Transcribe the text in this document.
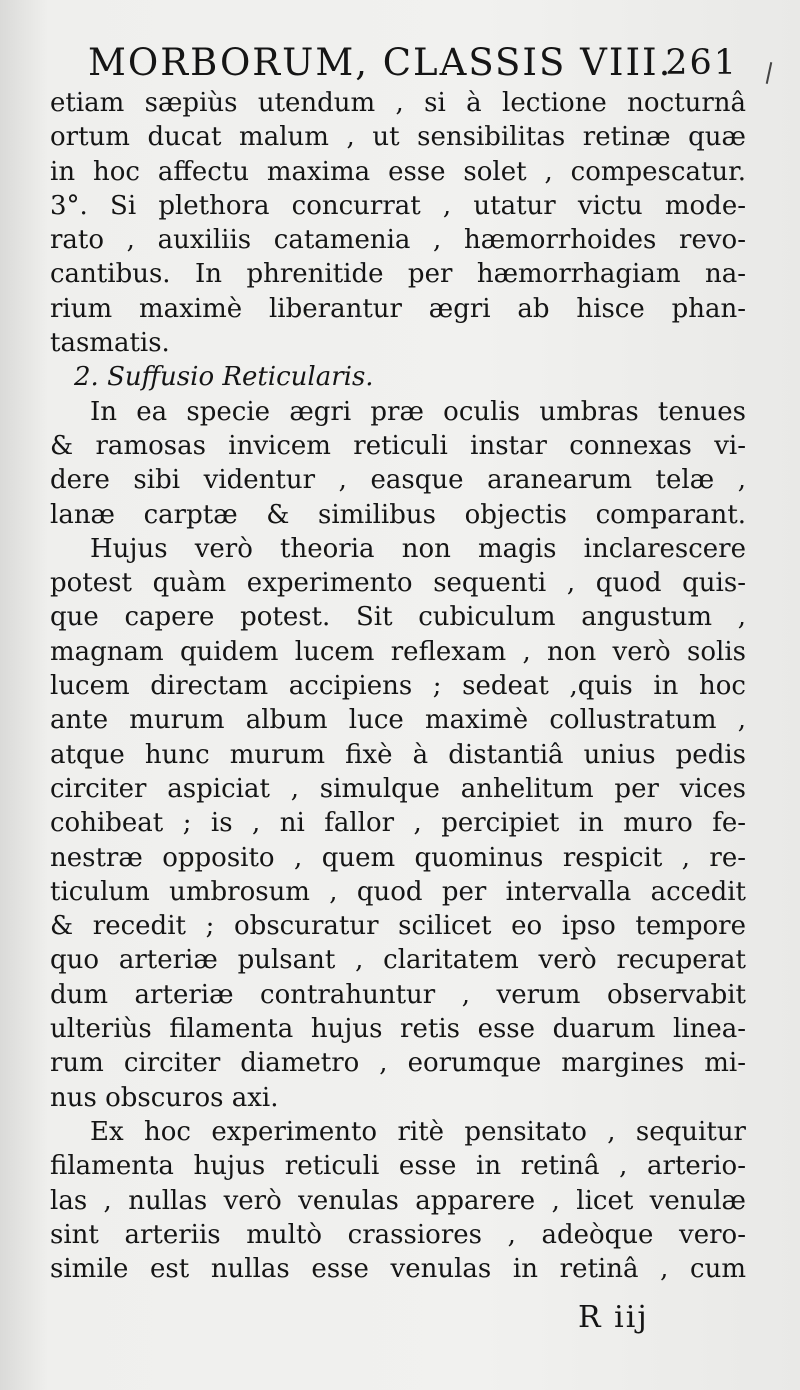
MORBORUM, CLASSIS VIII.
261
etiam sæpiùs utendum , si à lectione nocturnâ
ortum ducat malum , ut sensibilitas retinæ quæ
in hoc affectu maxima esse solet , compescatur.
3°. Si plethora concurrat , utatur victu mode-
rato , auxiliis catamenia , hæmorrhoides revo-
cantibus. In phrenitide per hæmorrhagiam na-
rium maximè liberantur ægri ab hisce phan-
tasmatis.
2. Suffusio Reticularis.
In ea specie ægri præ oculis umbras tenues
& ramosas invicem reticuli instar connexas vi-
dere sibi videntur , easque aranearum telæ ,
lanæ carptæ & similibus objectis comparant.
Hujus verò theoria non magis inclarescere
potest quàm experimento sequenti , quod quis-
que capere potest. Sit cubiculum angustum ,
magnam quidem lucem reflexam , non verò solis
lucem directam accipiens ; sedeat ,quis in hoc
ante murum album luce maximè collustratum ,
atque hunc murum fixè à distantiâ unius pedis
circiter aspiciat , simulque anhelitum per vices
cohibeat ; is , ni fallor , percipiet in muro fe-
nestræ opposito , quem quominus respicit , re-
ticulum umbrosum , quod per intervalla accedit
& recedit ; obscuratur scilicet eo ipso tempore
quo arteriæ pulsant , claritatem verò recuperat
dum arteriæ contrahuntur , verum observabit
ulteriùs filamenta hujus retis esse duarum linea-
rum circiter diametro , eorumque margines mi-
nus obscuros axi.
Ex hoc experimento ritè pensitato , sequitur
filamenta hujus reticuli esse in retinâ , arterio-
las , nullas verò venulas apparere , licet venulæ
sint arteriis multò crassiores , adeòque vero-
simile est nullas esse venulas in retinâ , cum
R iij
